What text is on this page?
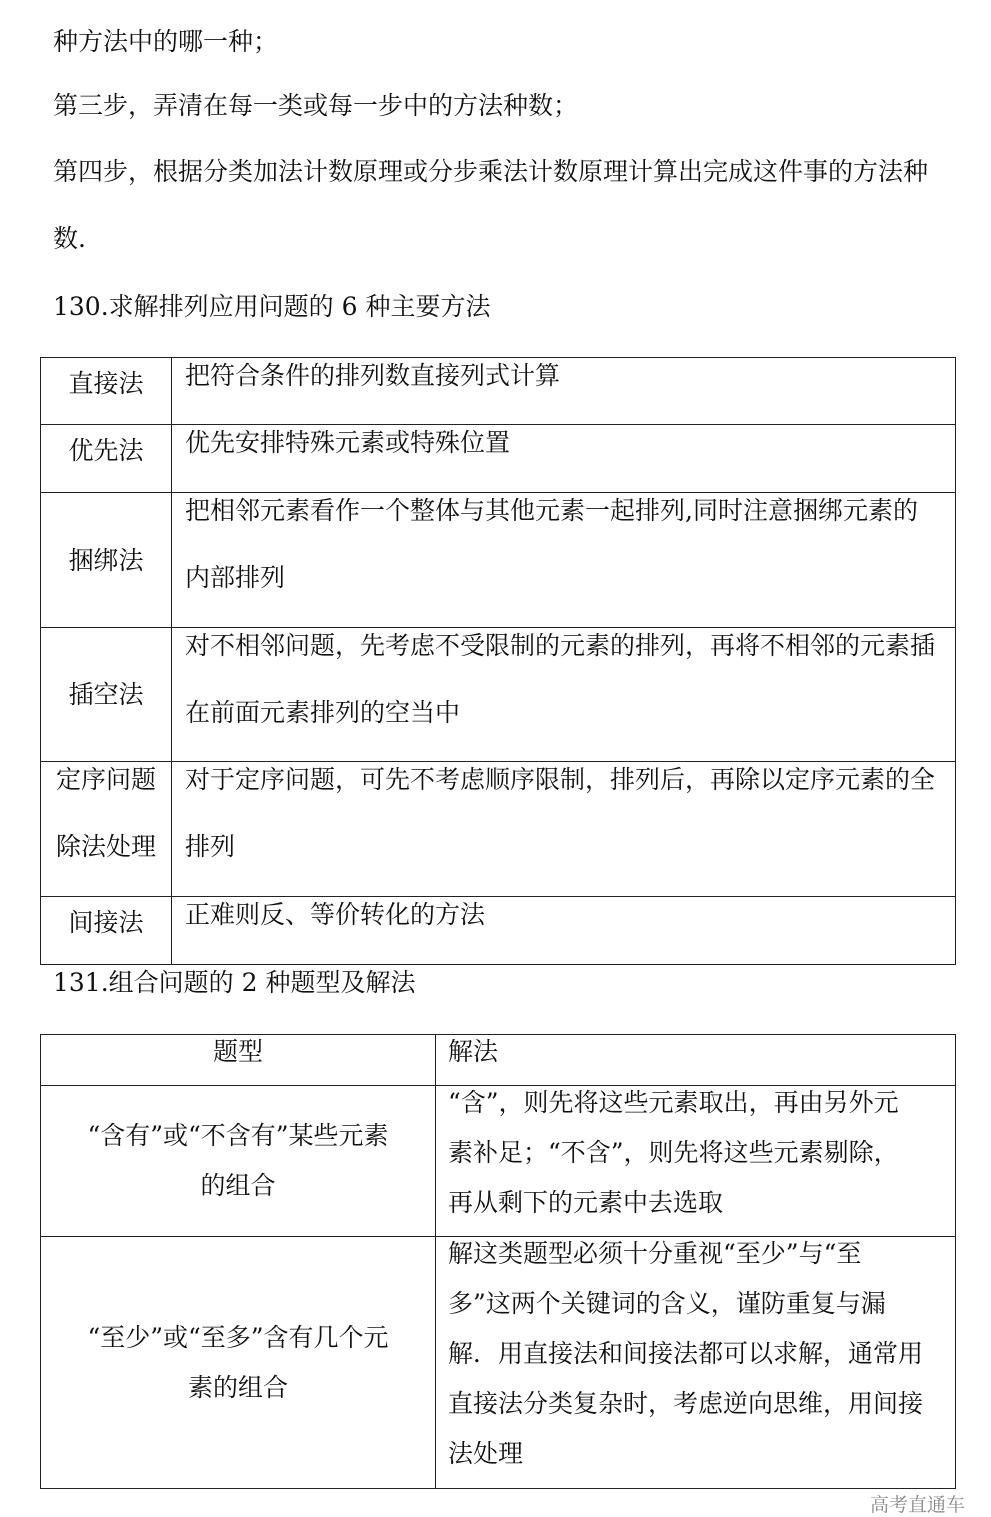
种方法中的哪一种；

第三步，弄清在每一类或每一步中的方法种数；

第四步，根据分类加法计数原理或分步乘法计数原理计算出完成这件事的方法种

数.

130.求解排列应用问题的 6 种主要方法
直接法	把符合条件的排列数直接列式计算

优先法	优先安排特殊元素或特殊位置

捆绑法	把相邻元素看作一个整体与其他元素一起排列,同时注意捆绑元素的
内部排列

插空法	对不相邻问题，先考虑不受限制的元素的排列，再将不相邻的元素插
在前面元素排列的空当中

定序问题
除法处理	对于定序问题，可先不考虑顺序限制，排列后，再除以定序元素的全
排列

间接法	正难则反、等价转化的方法
131.组合问题的 2 种题型及解法
题型	解法

“含有”或“不含有”某些元素
的组合	“含”，则先将这些元素取出，再由另外元
素补足；“不含”，则先将这些元素剔除，
再从剩下的元素中去选取

“至少”或“至多”含有几个元
素的组合	解这类题型必须十分重视“至少”与“至
多”这两个关键词的含义，谨防重复与漏
解．用直接法和间接法都可以求解，通常用
直接法分类复杂时，考虑逆向思维，用间接
法处理
高考直通车
